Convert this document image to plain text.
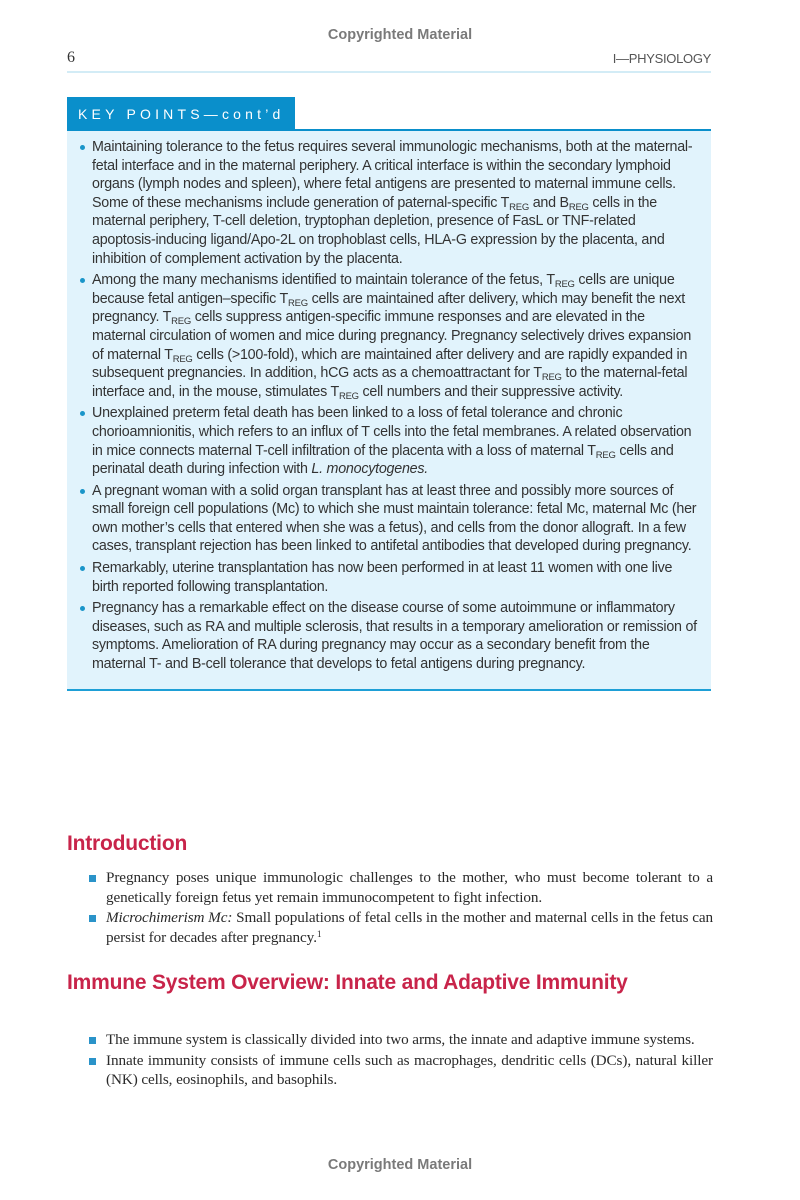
Copyrighted Material
6	I—PHYSIOLOGY
KEY POINTS—cont’d
Maintaining tolerance to the fetus requires several immunologic mechanisms, both at the maternal-fetal interface and in the maternal periphery. A critical interface is within the secondary lymphoid organs (lymph nodes and spleen), where fetal antigens are presented to maternal immune cells. Some of these mechanisms include generation of paternal-specific $T_{REG}$ and $B_{REG}$ cells in the maternal periphery, T-cell deletion, tryptophan depletion, presence of FasL or TNF-related apoptosis-inducing ligand/Apo-2L on trophoblast cells, HLA-G expression by the placenta, and inhibition of complement activation by the placenta.
Among the many mechanisms identified to maintain tolerance of the fetus, $T_{REG}$ cells are unique because fetal antigen–specific $T_{REG}$ cells are maintained after delivery, which may benefit the next pregnancy. $T_{REG}$ cells suppress antigen-specific immune responses and are elevated in the maternal circulation of women and mice during pregnancy. Pregnancy selectively drives expansion of maternal $T_{REG}$ cells (>100-fold), which are maintained after delivery and are rapidly expanded in subsequent pregnancies. In addition, hCG acts as a chemoattractant for $T_{REG}$ to the maternal-fetal interface and, in the mouse, stimulates $T_{REG}$ cell numbers and their suppressive activity.
Unexplained preterm fetal death has been linked to a loss of fetal tolerance and chronic chorioamnionitis, which refers to an influx of T cells into the fetal membranes. A related observation in mice connects maternal T-cell infiltration of the placenta with a loss of maternal $T_{REG}$ cells and perinatal death during infection with L. monocytogenes.
A pregnant woman with a solid organ transplant has at least three and possibly more sources of small foreign cell populations (Mc) to which she must maintain tolerance: fetal Mc, maternal Mc (her own mother’s cells that entered when she was a fetus), and cells from the donor allograft. In a few cases, transplant rejection has been linked to antifetal antibodies that developed during pregnancy.
Remarkably, uterine transplantation has now been performed in at least 11 women with one live birth reported following transplantation.
Pregnancy has a remarkable effect on the disease course of some autoimmune or inflammatory diseases, such as RA and multiple sclerosis, that results in a temporary amelioration or remission of symptoms. Amelioration of RA during pregnancy may occur as a secondary benefit from the maternal T- and B-cell tolerance that develops to fetal antigens during pregnancy.
Introduction
Pregnancy poses unique immunologic challenges to the mother, who must become tolerant to a genetically foreign fetus yet remain immunocompetent to fight infection.
Microchimerism Mc: Small populations of fetal cells in the mother and maternal cells in the fetus can persist for decades after pregnancy.$^1$
Immune System Overview: Innate and Adaptive Immunity
The immune system is classically divided into two arms, the innate and adaptive immune systems.
Innate immunity consists of immune cells such as macrophages, dendritic cells (DCs), natural killer (NK) cells, eosinophils, and basophils.
Copyrighted Material
